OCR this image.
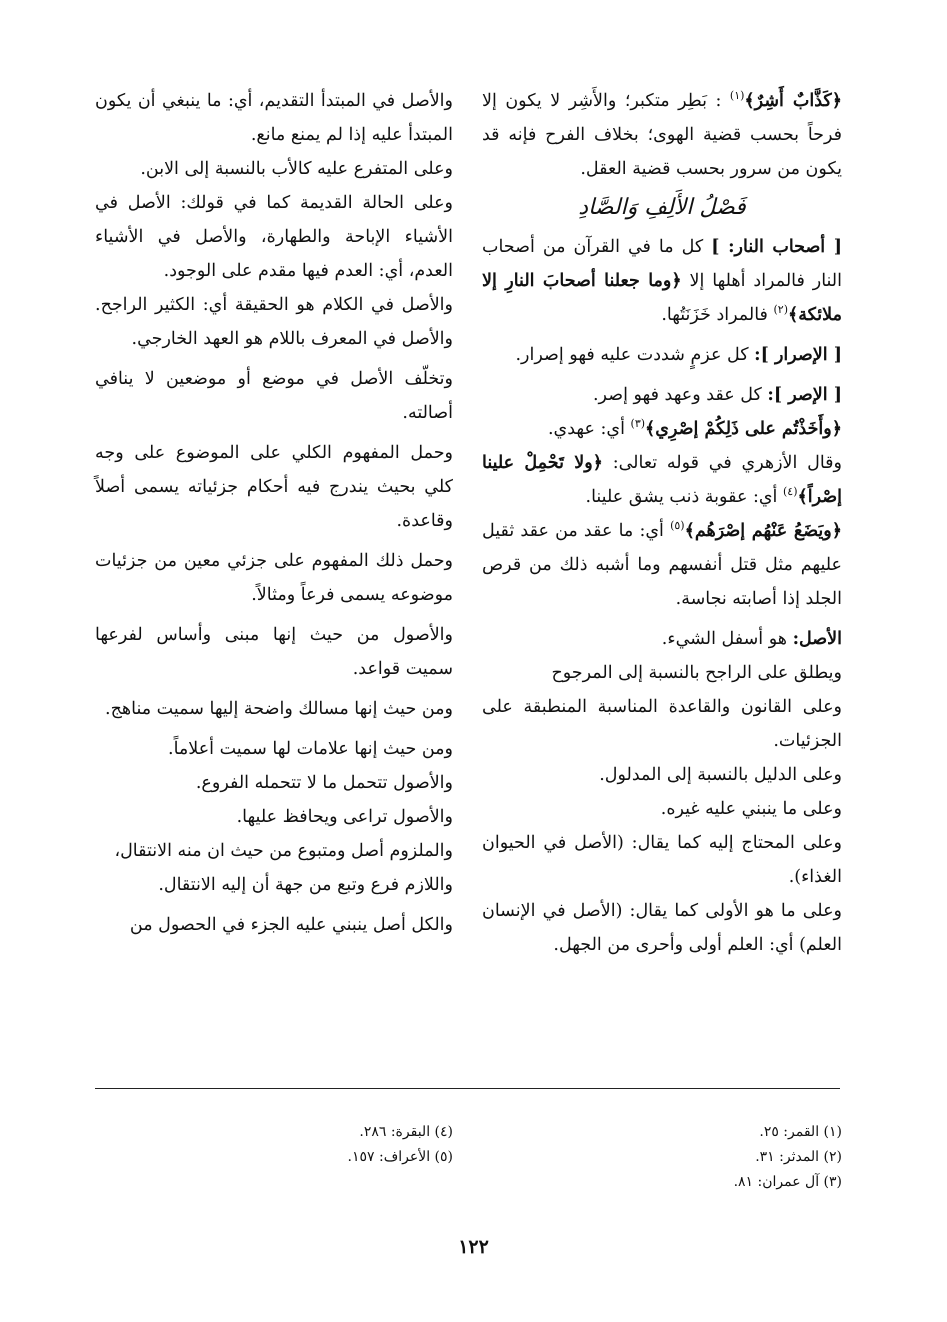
﴿كَذَّابٌ أَشِرٌ﴾$^{(١)}$ : بَطِر متكبر؛ والأَشِر لا يكون إلا فرحاً بحسب قضية الهوى؛ بخلاف الفرح فإنه قد يكون من سرور بحسب قضية العقل.

فَصْلُ الأَلِفِ وَالصَّادِ

[ أصحاب النار: ] كل ما في القرآن من أصحاب النار فالمراد أهلها إلا ﴿وما جعلنا أصحابَ النارِ إلا ملائكة﴾$^{(٢)}$ فالمراد خَزَنَتُها.

[ الإصرار ]: كل عزمٍ شددت عليه فهو إصرار.

[ الإصر ]: كل عقد وعهد فهو إصر.

﴿وأَخَذْتُم على ذَلِكُمْ إصْرِي﴾$^{(٣)}$ أي: عهدي.

وقال الأزهري في قوله تعالى: ﴿ولا تَحْمِلْ علينا إصْراً﴾$^{(٤)}$ أي: عقوبة ذنب يشق علينا.

﴿ويَضَعُ عَنْهُم إصْرَهُم﴾$^{(٥)}$ أي: ما عقد من عقد ثقيل عليهم مثل قتل أنفسهم وما أشبه ذلك من قرص الجلد إذا أصابته نجاسة.

الأصل: هو أسفل الشيء.

ويطلق على الراجح بالنسبة إلى المرجوح

وعلى القانون والقاعدة المناسبة المنطبقة على الجزئيات.

وعلى الدليل بالنسبة إلى المدلول.

وعلى ما ينبني عليه غيره.

وعلى المحتاج إليه كما يقال: (الأصل في الحيوان الغذاء).

وعلى ما هو الأولى كما يقال: (الأصل في الإنسان العلم) أي: العلم أولى وأحرى من الجهل.

والأصل في المبتدأ التقديم، أي: ما ينبغي أن يكون المبتدأ عليه إذا لم يمنع مانع.

وعلى المتفرع عليه كالأب بالنسبة إلى الابن.

وعلى الحالة القديمة كما في قولك: الأصل في الأشياء الإباحة والطهارة، والأصل في الأشياء العدم، أي: العدم فيها مقدم على الوجود.

والأصل في الكلام هو الحقيقة أي: الكثير الراجح. والأصل في المعرف باللام هو العهد الخارجي.

وتخلّف الأصل في موضع أو موضعين لا ينافي أصالته.

وحمل المفهوم الكلي على الموضوع على وجه كلي بحيث يندرج فيه أحكام جزئياته يسمى أصلاً وقاعدة.

وحمل ذلك المفهوم على جزئي معين من جزئيات موضوعه يسمى فرعاً ومثالاً.

والأصول من حيث إنها مبنى وأساس لفرعها سميت قواعد.

ومن حيث إنها مسالك واضحة إليها سميت مناهج.

ومن حيث إنها علامات لها سميت أعلاماً.

والأصول تتحمل ما لا تتحمله الفروع.

والأصول تراعى ويحافظ عليها.

والملزوم أصل ومتبوع من حيث ان منه الانتقال،

واللازم فرع وتبع من جهة أن إليه الانتقال.

والكل أصل ينبني عليه الجزء في الحصول من

(١) القمر: ٢٥.

(٢) المدثر: ٣١.

(٣) آل عمران: ٨١.

(٤) البقرة: ٢٨٦.

(٥) الأعراف: ١٥٧.

١٢٢
